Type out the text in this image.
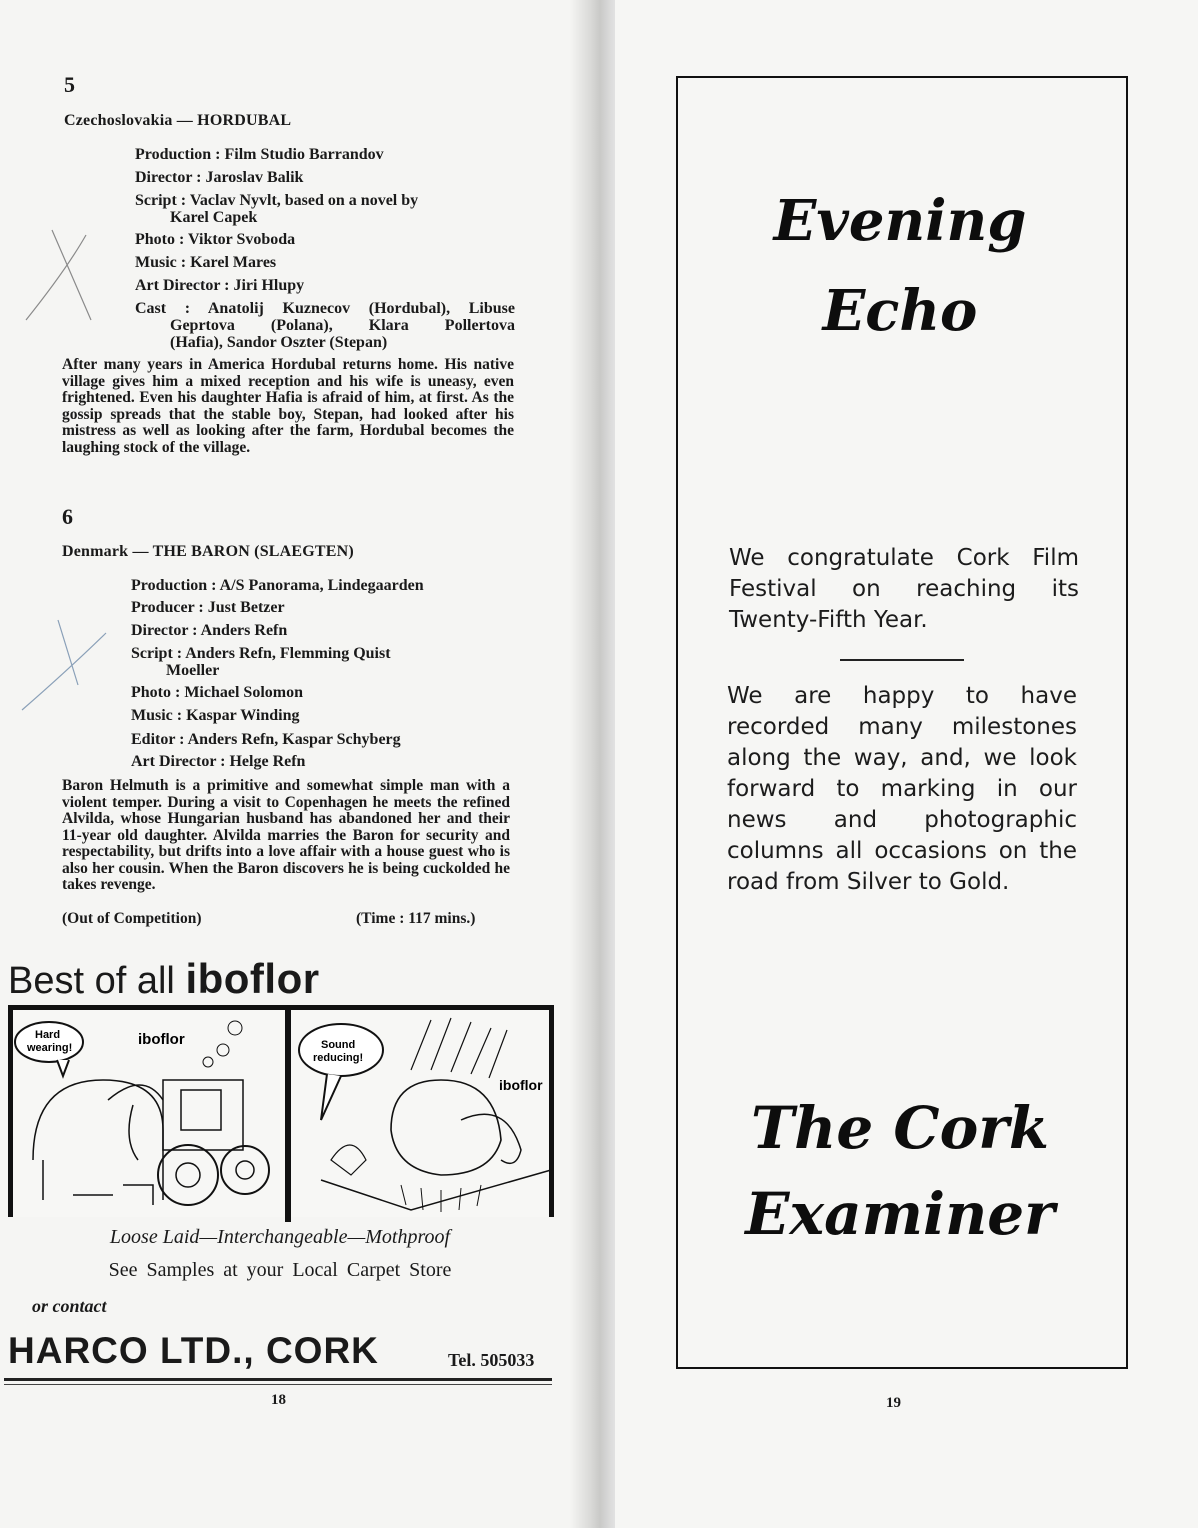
5
Czechoslovakia — HORDUBAL
Production : Film Studio Barrandov
Director : Jaroslav Balik
Script : Vaclav Nyvlt, based on a novel by
Karel Capek
Photo : Viktor Svoboda
Music : Karel Mares
Art Director : Jiri Hlupy
Cast : Anatolij Kuznecov (Hordubal), Libuse
Geprtova (Polana), Klara Pollertova
(Hafia), Sandor Oszter (Stepan)
After many years in America Hordubal returns home. His native village gives him a mixed reception and his wife is uneasy, even frightened. Even his daughter Hafia is afraid of him, at first. As the gossip spreads that the stable boy, Stepan, had looked after his mistress as well as looking after the farm, Hordubal becomes the laughing stock of the village.
6
Denmark — THE BARON (SLAEGTEN)
Production : A/S Panorama, Lindegaarden
Producer : Just Betzer
Director : Anders Refn
Script : Anders Refn, Flemming Quist
Moeller
Photo : Michael Solomon
Music : Kaspar Winding
Editor : Anders Refn, Kaspar Schyberg
Art Director : Helge Refn
Baron Helmuth is a primitive and somewhat simple man with a violent temper. During a visit to Copenhagen he meets the refined Alvilda, whose Hungarian husband has abandoned her and their 11-year old daughter. Alvilda marries the Baron for security and respectability, but drifts into a love affair with a house guest who is also her cousin. When the Baron discovers he is being cuckolded he takes revenge.
(Out of Competition)	(Time : 117 mins.)
Best of all iboflor
Hard
wearing!	iboflor	Sound
reducing!
iboflor
Loose Laid—Interchangeable—Mothproof
See Samples at your Local Carpet Store
or contact
HARCO LTD., CORK	Tel. 505033
18
Evening
Echo
We congratulate Cork Film Festival on reaching its Twenty-Fifth Year.
We are happy to have recorded many milestones along the way, and, we look forward to marking in our news and photographic columns all occasions on the road from Silver to Gold.
The Cork
Examiner
19
